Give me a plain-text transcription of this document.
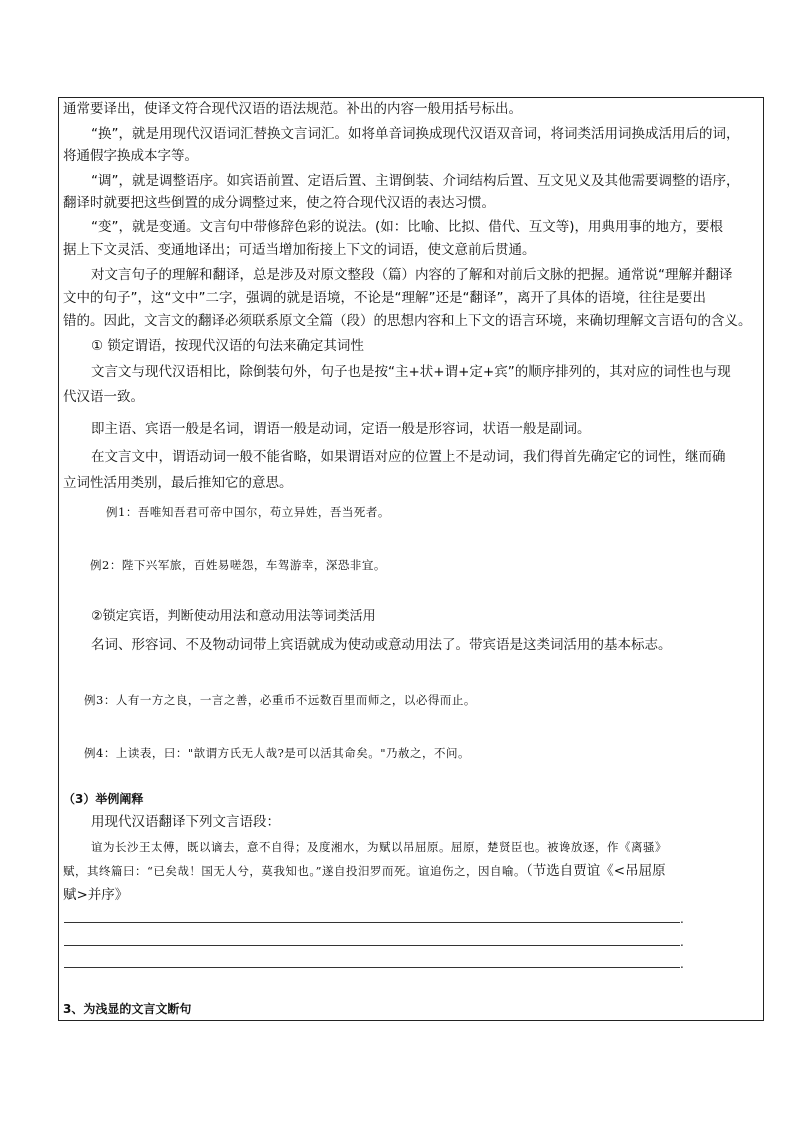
通常要译出，使译文符合现代汉语的语法规范。补出的内容一般用括号标出。
“换”，就是用现代汉语词汇替换文言词汇。如将单音词换成现代汉语双音词，将词类活用词换成活用后的词，
将通假字换成本字等。
“调”，就是调整语序。如宾语前置、定语后置、主谓倒装、介词结构后置、互文见义及其他需要调整的语序，
翻译时就要把这些倒置的成分调整过来，使之符合现代汉语的表达习惯。
“变”，就是变通。文言句中带修辞色彩的说法。(如：比喻、比拟、借代、互文等)，用典用事的地方，要根
据上下文灵活、变通地译出；可适当增加衔接上下文的词语，使文意前后贯通。
对文言句子的理解和翻译，总是涉及对原文整段（篇）内容的了解和对前后文脉的把握。通常说“理解并翻译
文中的句子”，这“文中”二字，强调的就是语境，不论是“理解”还是“翻译”，离开了具体的语境，往往是要出
错的。因此，文言文的翻译必须联系原文全篇（段）的思想内容和上下文的语言环境，来确切理解文言语句的含义。
① 锁定谓语，按现代汉语的句法来确定其词性
文言文与现代汉语相比，除倒装句外，句子也是按“主+状+谓+定+宾”的顺序排列的，其对应的词性也与现
代汉语一致。
即主语、宾语一般是名词，谓语一般是动词，定语一般是形容词，状语一般是副词。
在文言文中，谓语动词一般不能省略，如果谓语对应的位置上不是动词，我们得首先确定它的词性，继而确
立词性活用类别，最后推知它的意思。
例1：吾唯知吾君可帝中国尔，苟立异姓，吾当死者。
例2：陛下兴军旅，百姓易嗟怨，车驾游幸，深恐非宜。
②锁定宾语，判断使动用法和意动用法等词类活用
名词、形容词、不及物动词带上宾语就成为使动或意动用法了。带宾语是这类词活用的基本标志。
例3：人有一方之良，一言之善，必重币不远数百里而师之，以必得而止。
例4：上读表，曰："歆谓方氏无人哉?是可以活其命矣。"乃赦之，不问。
（3）举例阐释
用现代汉语翻译下列文言语段：
谊为长沙王太傅，既以谪去，意不自得；及度湘水，为赋以吊屈原。屈原，楚贤臣也。被谗放逐，作《离骚》
赋，其终篇曰：“已矣哉！国无人兮，莫我知也。”遂自投汨罗而死。谊追伤之，因自喻。（节选自贾谊《<吊屈原
赋>并序》
.
.
.
3、为浅显的文言文断句
